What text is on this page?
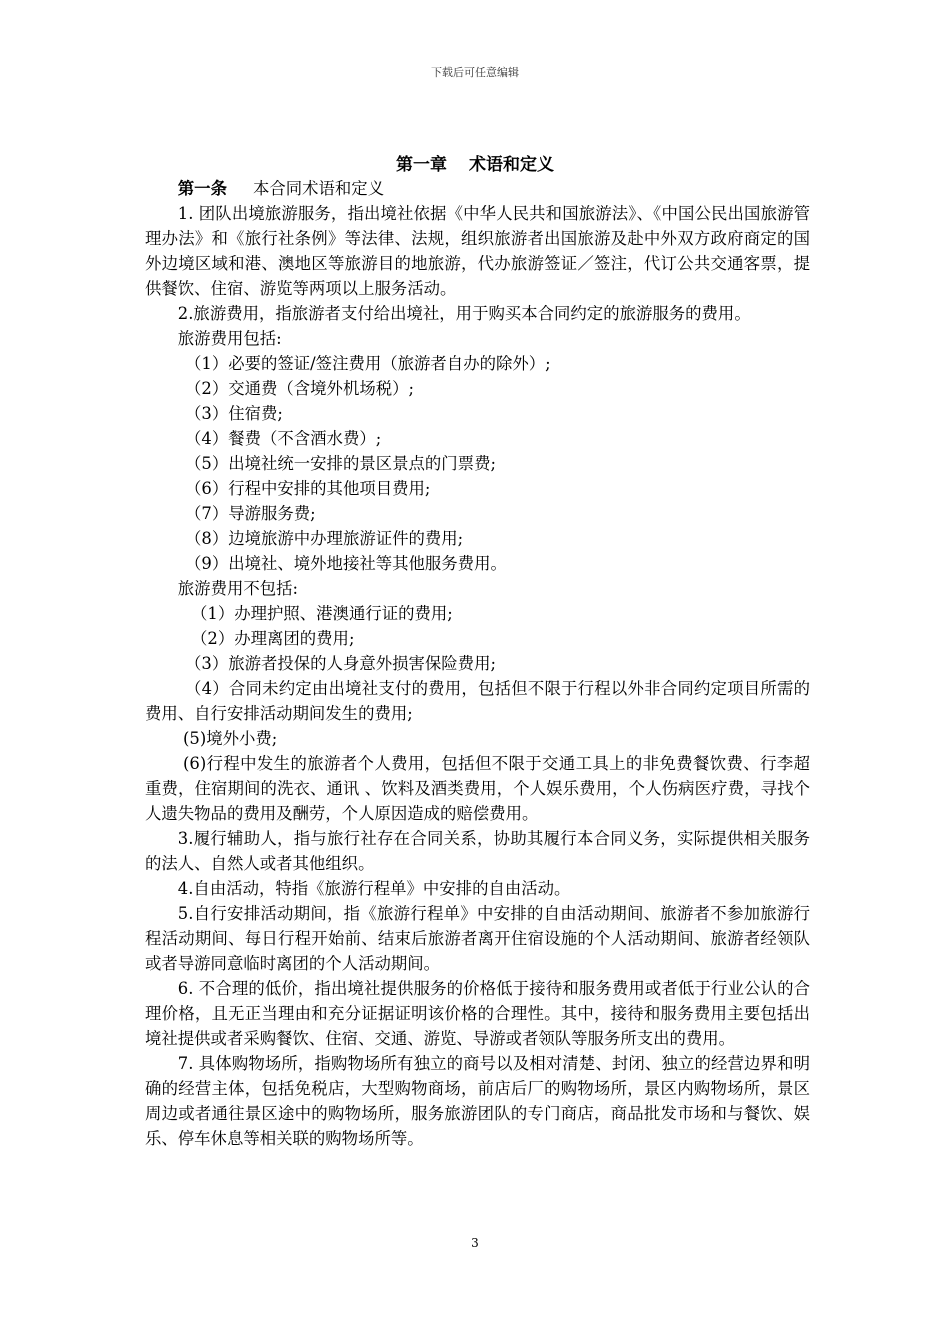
下载后可任意编辑
第一章 术语和定义

第一条 本合同术语和定义

1. 团队出境旅游服务，指出境社依据《中华人民共和国旅游法》、《中国公民出国旅游管理办法》和《旅行社条例》等法律、法规，组织旅游者出国旅游及赴中外双方政府商定的国外边境区域和港、澳地区等旅游目的地旅游，代办旅游签证／签注，代订公共交通客票，提供餐饮、住宿、游览等两项以上服务活动。

2.旅游费用，指旅游者支付给出境社，用于购买本合同约定的旅游服务的费用。

旅游费用包括:

（1）必要的签证/签注费用（旅游者自办的除外）;

（2）交通费（含境外机场税）;

（3）住宿费;

（4）餐费（不含酒水费）;

（5）出境社统一安排的景区景点的门票费;

（6）行程中安排的其他项目费用;

（7）导游服务费;

（8）边境旅游中办理旅游证件的费用;

（9）出境社、境外地接社等其他服务费用。

旅游费用不包括:

（1）办理护照、港澳通行证的费用;

（2）办理离团的费用;

（3）旅游者投保的人身意外损害保险费用;

（4）合同未约定由出境社支付的费用，包括但不限于行程以外非合同约定项目所需的费用、自行安排活动期间发生的费用;

(5)境外小费;

(6)行程中发生的旅游者个人费用，包括但不限于交通工具上的非免费餐饮费、行李超重费，住宿期间的洗衣、通讯 、饮料及酒类费用，个人娱乐费用，个人伤病医疗费，寻找个人遗失物品的费用及酬劳，个人原因造成的赔偿费用。

3.履行辅助人，指与旅行社存在合同关系，协助其履行本合同义务，实际提供相关服务的法人、自然人或者其他组织。

4.自由活动，特指《旅游行程单》中安排的自由活动。

5.自行安排活动期间，指《旅游行程单》中安排的自由活动期间、旅游者不参加旅游行程活动期间、每日行程开始前、结束后旅游者离开住宿设施的个人活动期间、旅游者经领队或者导游同意临时离团的个人活动期间。

6. 不合理的低价，指出境社提供服务的价格低于接待和服务费用或者低于行业公认的合理价格，且无正当理由和充分证据证明该价格的合理性。其中，接待和服务费用主要包括出境社提供或者采购餐饮、住宿、交通、游览、导游或者领队等服务所支出的费用。

7. 具体购物场所，指购物场所有独立的商号以及相对清楚、封闭、独立的经营边界和明确的经营主体，包括免税店，大型购物商场，前店后厂的购物场所，景区内购物场所，景区周边或者通往景区途中的购物场所，服务旅游团队的专门商店，商品批发市场和与餐饮、娱乐、停车休息等相关联的购物场所等。

3
